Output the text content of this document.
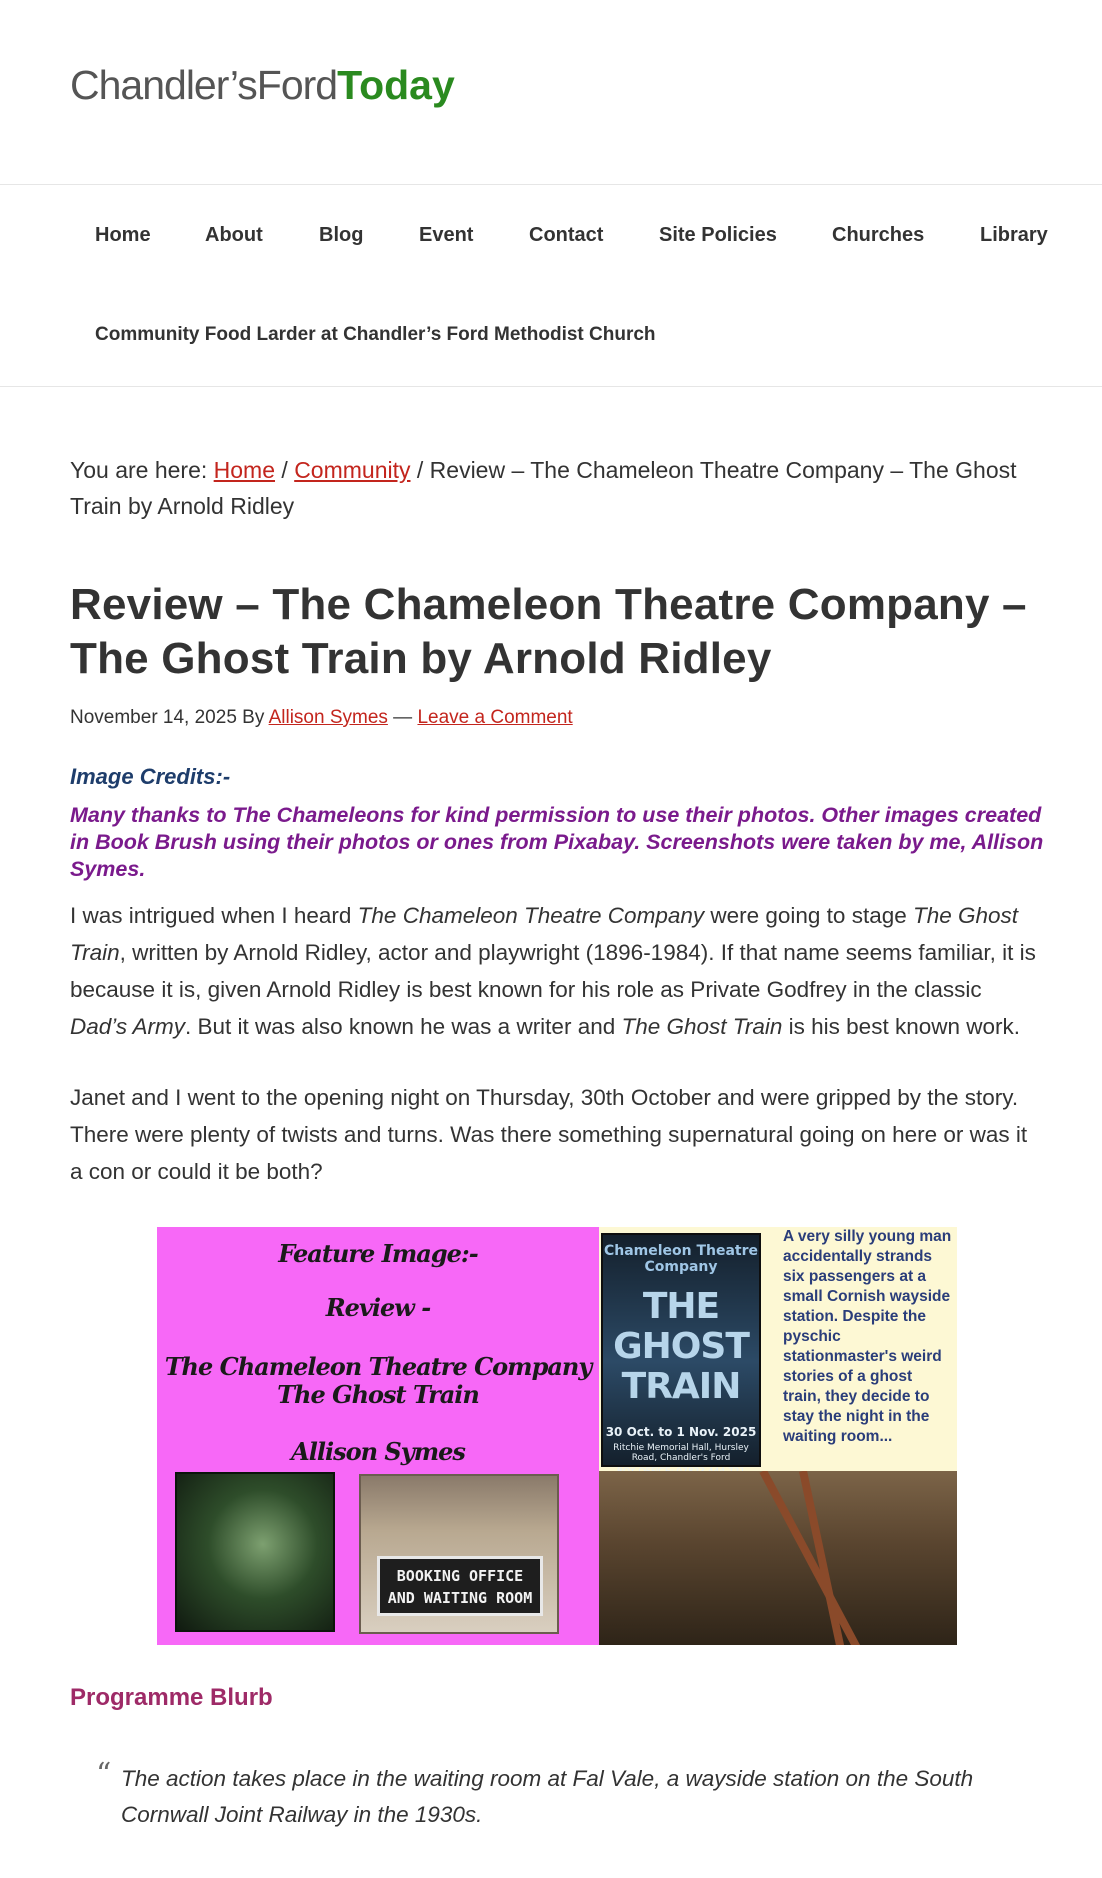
Chandler’sFordToday
Home	About	Blog	Event	Contact	Site Policies	Churches	Library
Community Food Larder at Chandler’s Ford Methodist Church
You are here: Home / Community / Review – The Chameleon Theatre Company – The Ghost Train by Arnold Ridley
Review – The Chameleon Theatre Company – The Ghost Train by Arnold Ridley
November 14, 2025 By Allison Symes — Leave a Comment
Image Credits:-
Many thanks to The Chameleons for kind permission to use their photos. Other images created in Book Brush using their photos or ones from Pixabay. Screenshots were taken by me, Allison Symes.

I was intrigued when I heard The Chameleon Theatre Company were going to stage The Ghost Train, written by Arnold Ridley, actor and playwright (1896-1984). If that name seems familiar, it is because it is, given Arnold Ridley is best known for his role as Private Godfrey in the classic Dad’s Army. But it was also known he was a writer and The Ghost Train is his best known work.

Janet and I went to the opening night on Thursday, 30th October and were gripped by the story. There were plenty of twists and turns. Was there something supernatural going on here or was it a con or could it be both?

Feature Image:-
Review -
The Chameleon Theatre Company
The Ghost Train
Allison Symes
BOOKING OFFICE
AND WAITING ROOM
Chameleon Theatre Company
THE GHOST TRAIN
30 Oct. to 1 Nov. 2025
Ritchie Memorial Hall, Hursley Road, Chandler's Ford
A very silly young man accidentally strands six passengers at a small Cornish wayside station. Despite the pyschic stationmaster's weird stories of a ghost train, they decide to stay the night in the waiting room...
Programme Blurb
“ The action takes place in the waiting room at Fal Vale, a wayside station on the South Cornwall Joint Railway in the 1930s.
